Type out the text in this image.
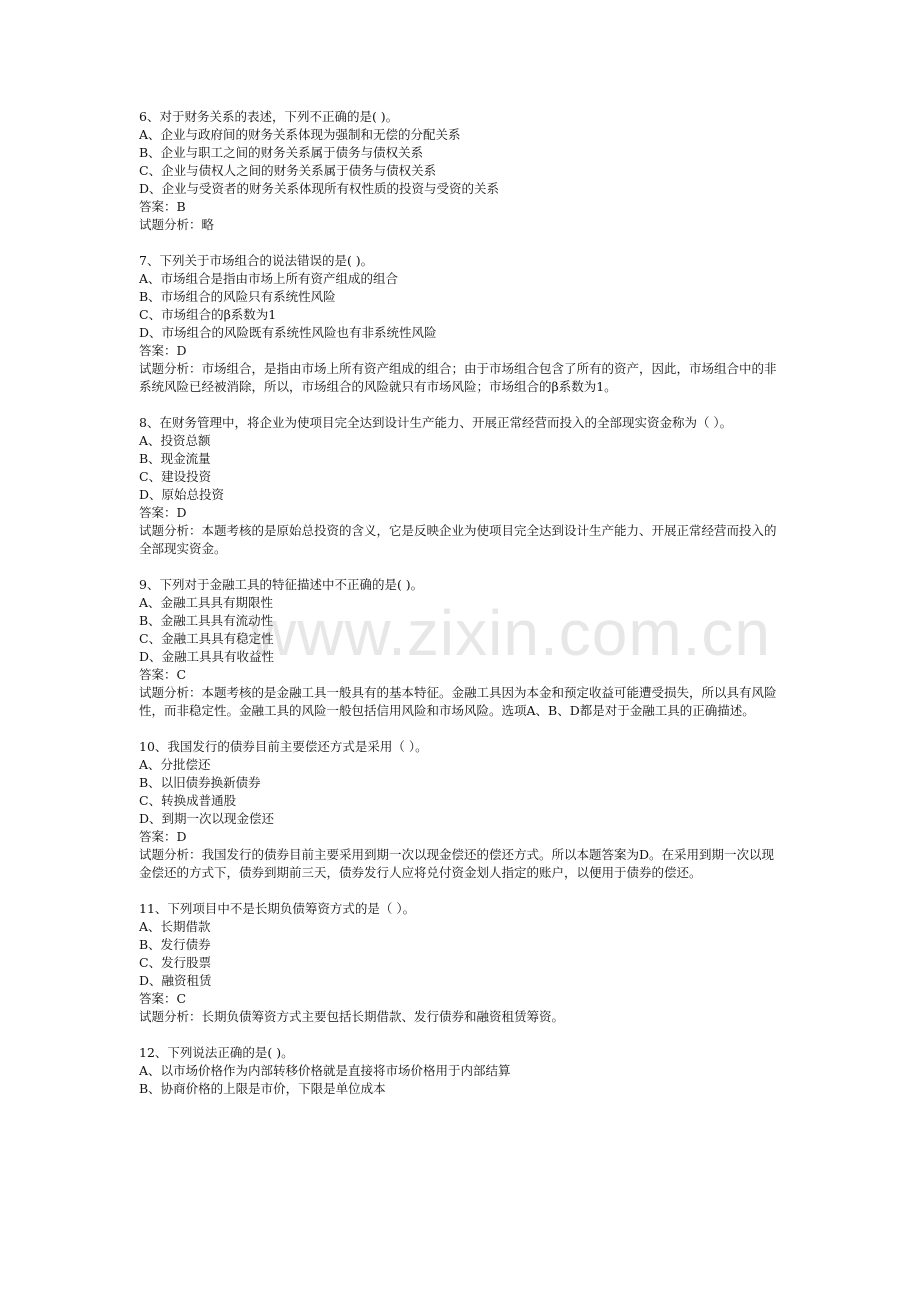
www.zixin.com.cn
6、对于财务关系的表述，下列不正确的是( )。
A、企业与政府间的财务关系体现为强制和无偿的分配关系
B、企业与职工之间的财务关系属于债务与债权关系
C、企业与债权人之间的财务关系属于债务与债权关系
D、企业与受资者的财务关系体现所有权性质的投资与受资的关系
答案：B
试题分析：略
7、下列关于市场组合的说法错误的是( )。
A、市场组合是指由市场上所有资产组成的组合
B、市场组合的风险只有系统性风险
C、市场组合的β系数为1
D、市场组合的风险既有系统性风险也有非系统性风险
答案：D
试题分析：市场组合，是指由市场上所有资产组成的组合；由于市场组合包含了所有的资产，因此，市场组合中的非系统风险已经被消除，所以，市场组合的风险就只有市场风险；市场组合的β系数为1。
8、在财务管理中，将企业为使项目完全达到设计生产能力、开展正常经营而投入的全部现实资金称为（ ）。
A、投资总额
B、现金流量
C、建设投资
D、原始总投资
答案：D
试题分析：本题考核的是原始总投资的含义，它是反映企业为使项目完全达到设计生产能力、开展正常经营而投入的全部现实资金。
9、下列对于金融工具的特征描述中不正确的是( )。
A、金融工具具有期限性
B、金融工具具有流动性
C、金融工具具有稳定性
D、金融工具具有收益性
答案：C
试题分析：本题考核的是金融工具一般具有的基本特征。金融工具因为本金和预定收益可能遭受损失，所以具有风险性，而非稳定性。金融工具的风险一般包括信用风险和市场风险。选项A、B、D都是对于金融工具的正确描述。
10、我国发行的债券目前主要偿还方式是采用（ ）。
A、分批偿还
B、以旧债券换新债券
C、转换成普通股
D、到期一次以现金偿还
答案：D
试题分析：我国发行的债券目前主要采用到期一次以现金偿还的偿还方式。所以本题答案为D。在采用到期一次以现金偿还的方式下，债券到期前三天，债券发行人应将兑付资金划人指定的账户，以便用于债券的偿还。
11、下列项目中不是长期负债筹资方式的是（ ）。
A、长期借款
B、发行债券
C、发行股票
D、融资租赁
答案：C
试题分析：长期负债筹资方式主要包括长期借款、发行债券和融资租赁筹资。
12、下列说法正确的是( )。
A、以市场价格作为内部转移价格就是直接将市场价格用于内部结算
B、协商价格的上限是市价，下限是单位成本
